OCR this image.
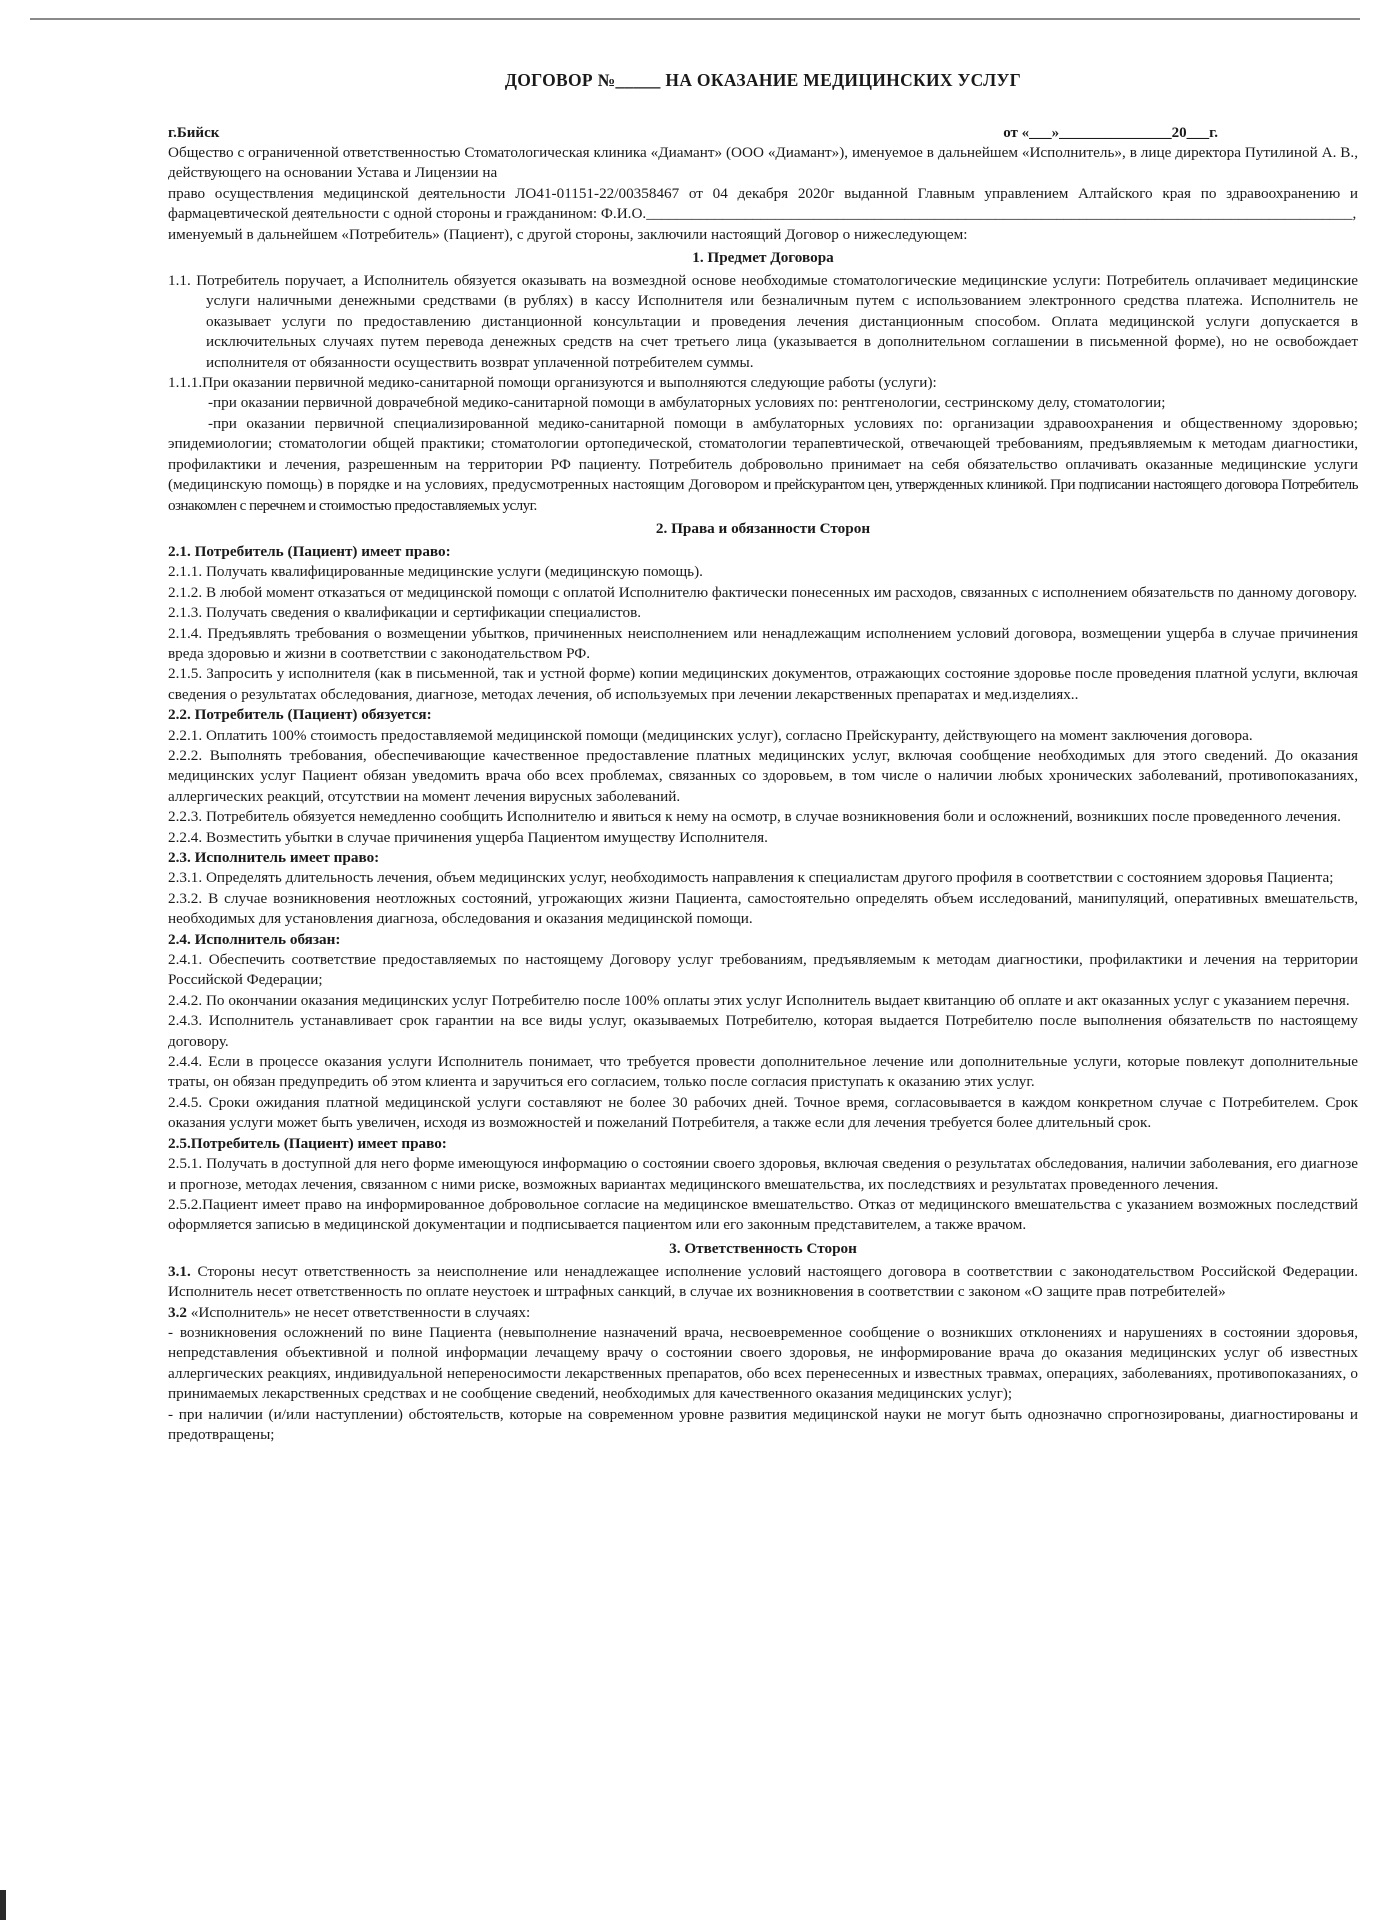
ДОГОВОР №_____ НА ОКАЗАНИЕ МЕДИЦИНСКИХ УСЛУГ
г.Бийск	от «___»_______________20___г.

Общество с ограниченной ответственностью Стоматологическая клиника «Диамант» (ООО «Диамант»), именуемое в дальнейшем «Исполнитель», в лице директора Путилиной А. В., действующего на основании Устава и Лицензии на

право осуществления медицинской деятельности ЛО41-01151-22/00358467 от 04 декабря 2020г выданной Главным управлением Алтайского края по здравоохранению и фармацевтической деятельности с одной стороны и гражданином: Ф.И.О._____________________________________________________________________________________________,

именуемый в дальнейшем «Потребитель» (Пациент), с другой стороны, заключили настоящий Договор о нижеследующем:

1. Предмет Договора

1.1. Потребитель поручает, а Исполнитель обязуется оказывать на возмездной основе необходимые стоматологические медицинские услуги: Потребитель оплачивает медицинские услуги наличными денежными средствами (в рублях) в кассу Исполнителя или безналичным путем с использованием электронного средства платежа. Исполнитель не оказывает услуги по предоставлению дистанционной консультации и проведения лечения дистанционным способом. Оплата медицинской услуги допускается в исключительных случаях путем перевода денежных средств на счет третьего лица (указывается в дополнительном соглашении в письменной форме), но не освобождает исполнителя от обязанности осуществить возврат уплаченной потребителем суммы.

1.1.1.При оказании первичной медико-санитарной помощи организуются и выполняются следующие работы (услуги):

-при оказании первичной доврачебной медико-санитарной помощи в амбулаторных условиях по: рентгенологии, сестринскому делу, стоматологии;

-при оказании первичной специализированной медико-санитарной помощи в амбулаторных условиях по: организации здравоохранения и общественному здоровью; эпидемиологии; стоматологии общей практики; стоматологии ортопедической, стоматологии терапевтической, отвечающей требованиям, предъявляемым к методам диагностики, профилактики и лечения, разрешенным на территории РФ пациенту. Потребитель добровольно принимает на себя обязательство оплачивать оказанные медицинские услуги (медицинскую помощь) в порядке и на условиях, предусмотренных настоящим Договором и прейскурантом цен, утвержденных клиникой. При подписании настоящего договора Потребитель ознакомлен с перечнем и стоимостью предоставляемых услуг.

2. Права и обязанности Сторон
2.1. Потребитель (Пациент) имеет право:

2.1.1. Получать квалифицированные медицинские услуги (медицинскую помощь).

2.1.2. В любой момент отказаться от медицинской помощи с оплатой Исполнителю фактически понесенных им расходов, связанных с исполнением обязательств по данному договору.

2.1.3. Получать сведения о квалификации и сертификации специалистов.

2.1.4. Предъявлять требования о возмещении убытков, причиненных неисполнением или ненадлежащим исполнением условий договора, возмещении ущерба в случае причинения вреда здоровью и жизни в соответствии с законодательством РФ.

2.1.5. Запросить у исполнителя (как в письменной, так и устной форме) копии медицинских документов, отражающих состояние здоровье после проведения платной услуги, включая сведения о результатах обследования, диагнозе, методах лечения, об используемых при лечении лекарственных препаратах и мед.изделиях..

2.2. Потребитель (Пациент) обязуется:

2.2.1. Оплатить 100% стоимость предоставляемой медицинской помощи (медицинских услуг), согласно Прейскуранту, действующего на момент заключения договора.

2.2.2. Выполнять требования, обеспечивающие качественное предоставление платных медицинских услуг, включая сообщение необходимых для этого сведений. До оказания медицинских услуг Пациент обязан уведомить врача обо всех проблемах, связанных со здоровьем, в том числе о наличии любых хронических заболеваний, противопоказаниях, аллергических реакций, отсутствии на момент лечения вирусных заболеваний.

2.2.3. Потребитель обязуется немедленно сообщить Исполнителю и явиться к нему на осмотр, в случае возникновения боли и осложнений, возникших после проведенного лечения.

2.2.4. Возместить убытки в случае причинения ущерба Пациентом имуществу Исполнителя.

2.3. Исполнитель имеет право:

2.3.1. Определять длительность лечения, объем медицинских услуг, необходимость направления к специалистам другого профиля в соответствии с состоянием здоровья Пациента;

2.3.2. В случае возникновения неотложных состояний, угрожающих жизни Пациента, самостоятельно определять объем исследований, манипуляций, оперативных вмешательств, необходимых для установления диагноза, обследования и оказания медицинской помощи.

2.4. Исполнитель обязан:

2.4.1. Обеспечить соответствие предоставляемых по настоящему Договору услуг требованиям, предъявляемым к методам диагностики, профилактики и лечения на территории Российской Федерации;

2.4.2. По окончании оказания медицинских услуг Потребителю после 100% оплаты этих услуг Исполнитель выдает квитанцию об оплате и акт оказанных услуг с указанием перечня.

2.4.3. Исполнитель устанавливает срок гарантии на все виды услуг, оказываемых Потребителю, которая выдается Потребителю после выполнения обязательств по настоящему договору.

2.4.4. Если в процессе оказания услуги Исполнитель понимает, что требуется провести дополнительное лечение или дополнительные услуги, которые повлекут дополнительные траты, он обязан предупредить об этом клиента и заручиться его согласием, только после согласия приступать к оказанию этих услуг.

2.4.5. Сроки ожидания платной медицинской услуги составляют не более 30 рабочих дней. Точное время, согласовывается в каждом конкретном случае с Потребителем. Срок оказания услуги может быть увеличен, исходя из возможностей и пожеланий Потребителя, а также если для лечения требуется более длительный срок.

2.5.Потребитель (Пациент) имеет право:

2.5.1. Получать в доступной для него форме имеющуюся информацию о состоянии своего здоровья, включая сведения о результатах обследования, наличии заболевания, его диагнозе и прогнозе, методах лечения, связанном с ними риске, возможных вариантах медицинского вмешательства, их последствиях и результатах проведенного лечения.

2.5.2.Пациент имеет право на информированное добровольное согласие на медицинское вмешательство. Отказ от медицинского вмешательства с указанием возможных последствий оформляется записью в медицинской документации и подписывается пациентом или его законным представителем, а также врачом.

3. Ответственность Сторон

3.1. Стороны несут ответственность за неисполнение или ненадлежащее исполнение условий настоящего договора в соответствии с законодательством Российской Федерации. Исполнитель несет ответственность по оплате неустоек и штрафных санкций, в случае их возникновения в соответствии с законом «О защите прав потребителей»

3.2 «Исполнитель» не несет ответственности в случаях:

- возникновения осложнений по вине Пациента (невыполнение назначений врача, несвоевременное сообщение о возникших отклонениях и нарушениях в состоянии здоровья, непредставления объективной и полной информации лечащему врачу о состоянии своего здоровья, не информирование врача до оказания медицинских услуг об известных аллергических реакциях, индивидуальной непереносимости лекарственных препаратов, обо всех перенесенных и известных травмах, операциях, заболеваниях, противопоказаниях, о принимаемых лекарственных средствах и не сообщение сведений, необходимых для качественного оказания медицинских услуг);

- при наличии (и/или наступлении) обстоятельств, которые на современном уровне развития медицинской науки не могут быть однозначно спрогнозированы, диагностированы и предотвращены;
